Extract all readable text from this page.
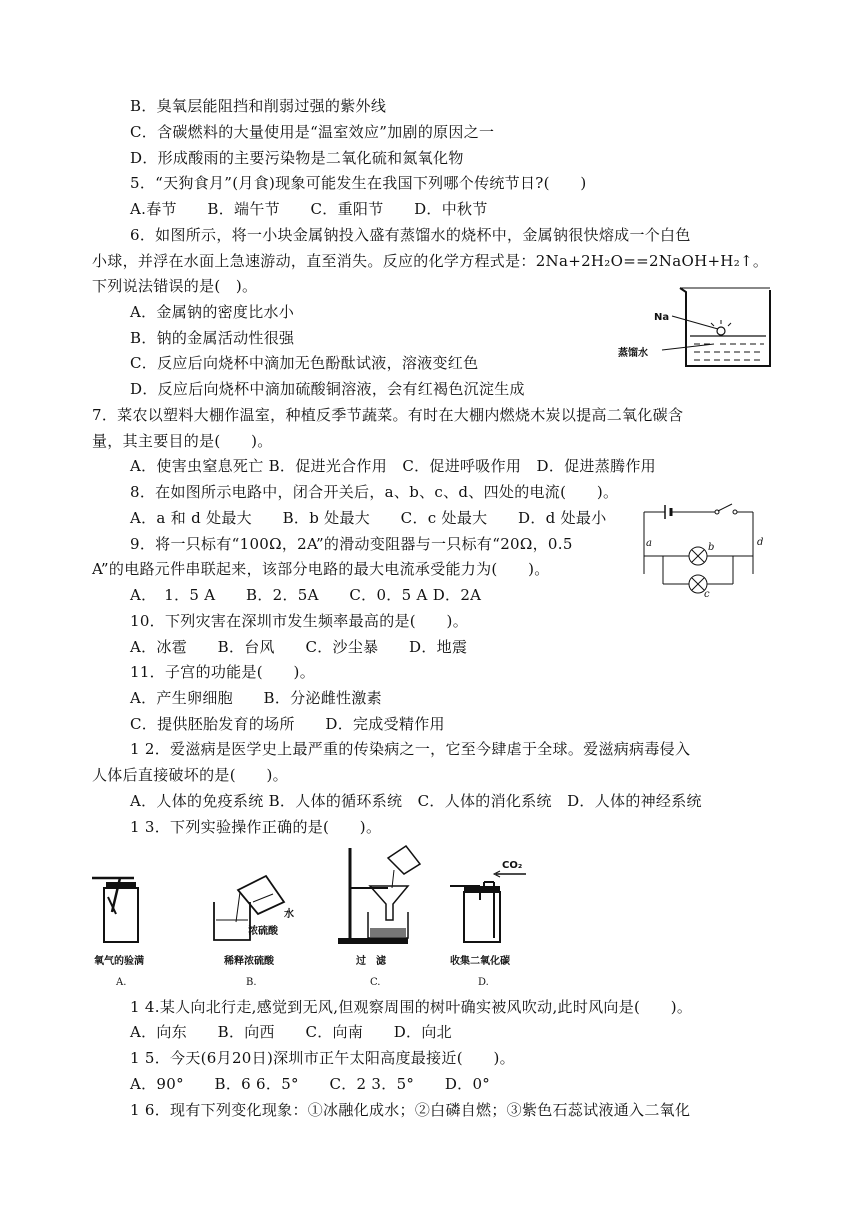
B．臭氧层能阻挡和削弱过强的紫外线
C．含碳燃料的大量使用是“温室效应”加剧的原因之一
D．形成酸雨的主要污染物是二氧化硫和氮氧化物
5．“天狗食月”(月食)现象可能发生在我国下列哪个传统节日?(　　)
A.春节　　B．端午节　　C．重阳节　　D．中秋节
6．如图所示，将一小块金属钠投入盛有蒸馏水的烧杯中，金属钠很快熔成一个白色
小球，并浮在水面上急速游动，直至消失。反应的化学方程式是：2Na+2H₂O==2NaOH+H₂↑。
下列说法错误的是(　)。
A．金属钠的密度比水小
B．钠的金属活动性很强
C．反应后向烧杯中滴加无色酚酞试液，溶液变红色
D．反应后向烧杯中滴加硫酸铜溶液，会有红褐色沉淀生成
7．菜农以塑料大棚作温室，种植反季节蔬菜。有时在大棚内燃烧木炭以提高二氧化碳含
量，其主要目的是(　　)。
A．使害虫窒息死亡 B．促进光合作用　C．促进呼吸作用　D．促进蒸腾作用
8．在如图所示电路中，闭合开关后，a、b、c、d、四处的电流(　　)。
A．a 和 d 处最大　　B．b 处最大　　C．c 处最大　　D．d 处最小
9．将一只标有“100Ω，2A”的滑动变阻器与一只标有“20Ω，0.5
A”的电路元件串联起来，该部分电路的最大电流承受能力为(　　)。
A．　1．5 A　　B．2．5A　　C．0．5 A D．2A
10．下列灾害在深圳市发生频率最高的是(　　)。
A．冰雹　　B．台风　　C．沙尘暴　　D．地震
11．子宫的功能是(　　)。
A．产生卵细胞　　B．分泌雌性激素
C．提供胚胎发育的场所　　D．完成受精作用
1 2．爱滋病是医学史上最严重的传染病之一，它至今肆虐于全球。爱滋病病毒侵入
人体后直接破坏的是(　　)。
A．人体的免疫系统 B．人体的循环系统　C．人体的消化系统　D．人体的神经系统
1 3．下列实验操作正确的是(　　)。
1 4.某人向北行走,感觉到无风,但观察周围的树叶确实被风吹动,此时风向是(　　)。
A．向东　　B．向西　　C．向南　　D．向北
1 5．今天(6月20日)深圳市正午太阳高度最接近(　　)。
A．90°　　B．6 6．5°　　C．2 3．5°　　D．0°
1 6．现有下列变化现象：①冰融化成水；②白磷自燃；③紫色石蕊试液通入二氧化
Na
蒸馏水
a	b
c
d
氧气的验满
A.
水
浓硫酸
稀释浓硫酸
B.
过　滤
C.
CO₂
收集二氧化碳
D.
